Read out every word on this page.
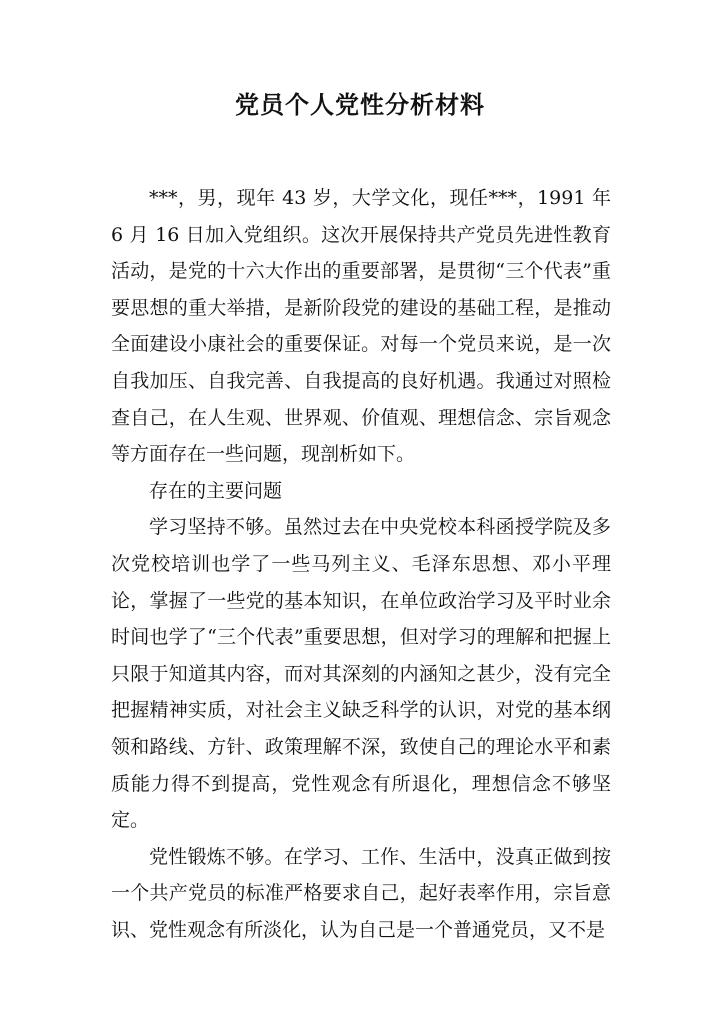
党员个人党性分析材料

***，男，现年 43 岁，大学文化，现任***，1991 年 6 月 16 日加入党组织。这次开展保持共产党员先进性教育活动，是党的十六大作出的重要部署，是贯彻“三个代表”重要思想的重大举措，是新阶段党的建设的基础工程，是推动全面建设小康社会的重要保证。对每一个党员来说，是一次自我加压、自我完善、自我提高的良好机遇。我通过对照检查自己，在人生观、世界观、价值观、理想信念、宗旨观念等方面存在一些问题，现剖析如下。

存在的主要问题

学习坚持不够。虽然过去在中央党校本科函授学院及多次党校培训也学了一些马列主义、毛泽东思想、邓小平理论，掌握了一些党的基本知识，在单位政治学习及平时业余时间也学了“三个代表”重要思想，但对学习的理解和把握上只限于知道其内容，而对其深刻的内涵知之甚少，没有完全把握精神实质，对社会主义缺乏科学的认识，对党的基本纲领和路线、方针、政策理解不深，致使自己的理论水平和素质能力得不到提高，党性观念有所退化，理想信念不够坚定。

党性锻炼不够。在学习、工作、生活中，没真正做到按一个共产党员的标准严格要求自己，起好表率作用，宗旨意识、党性观念有所淡化，认为自己是一个普通党员，又不是
